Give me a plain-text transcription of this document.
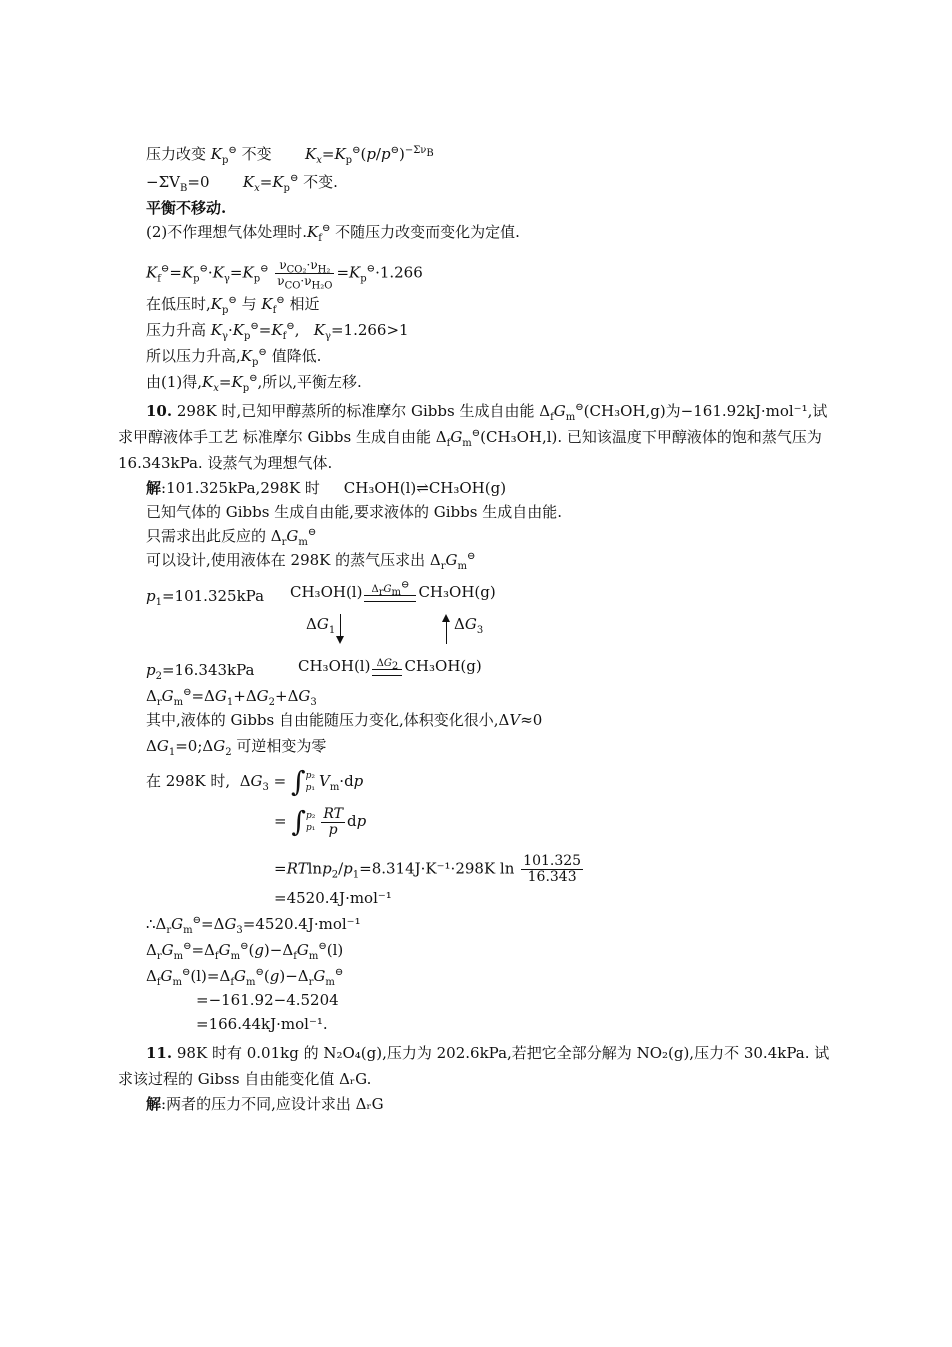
压力改变 $K_p^⊖$ 不变 $K_x=K_p^⊖(p/p^⊖)^{-\Sigma\nu_B}$
$-\Sigma V_B=0$       $K_x=K_p^⊖$ 不变.
平衡不移动.
(2)不作理想气体处理时$.K_f^⊖$ 不随压力改变而变化为定值.
$K_f^⊖=K_p^⊖\cdot K_\gamma=K_p^⊖ \frac{\nu_{CO_2}\cdot\nu_{H_2}}{\nu_{CO}\cdot\nu_{H_2O}} =K_p^⊖\cdot 1.266$
在低压时$,K_p^⊖$ 与 $K_f^⊖$ 相近
压力升高 $K_\gamma\cdot K_p^⊖=K_f^⊖$,   $K_\gamma=1.266>1$
所以压力升高$,K_p^⊖$ 值降低.
由(1)得$,K_x=K_p^⊖$,所以,平衡左移.
10. 298K 时,已知甲醇蒸所的标准摩尔 Gibbs 生成自由能 $\Delta_fG_m^⊖(CH_3OH,g)$为−161.92kJ·mol⁻¹,试求甲醇液体手工艺 标准摩尔 Gibbs 生成自由能 $\Delta_fG_m^⊖(CH_3OH,l)$. 已知该温度下甲醇液体的饱和蒸气压为 16.343kPa. 设蒸气为理想气体.
解:101.325kPa,298K 时 CH₃OH(l)⇌CH₃OH(g)
已知气体的 Gibbs 生成自由能,要求液体的 Gibbs 生成自由能.
只需求出此反应的 $\Delta_rG_m^⊖$
可以设计,使用液体在 298K 的蒸气压求出 $\Delta_rG_m^⊖$
$p_1=101.325kPa$ CH₃OH(l) $\Delta_rG_m^⊖$ CH₃OH(g)
$\Delta G_1$	$\Delta G_3$
$p_2=16.343kPa$	CH₃OH(l) $\Delta G_2$ CH₃OH(g)
$\Delta_rG_m^⊖=\Delta G_1+\Delta G_2+\Delta G_3$
其中,液体的 Gibbs 自由能随压力变化,体积变化很小,ΔV≈0
$\Delta G_1=0;\Delta G_2$ 可逆相变为零
在 298K 时,  $\Delta G_3$ = ∫ p₂
p₁ $V_m\cdot dp$
= ∫ p₂
$p_1 \frac{RT}{p}$ dp
$=RTlnp_2/p_1=8.314J\cdot K^{-1}\cdot 298K$ $\ln \frac{101.325}{16.343}$
=4520.4J·mol⁻¹
$\therefore\Delta_rG_m^⊖=\Delta G_3=4520.4J\cdot mol^{-1}$
$\Delta_rG_m^⊖=\Delta_fG_m^⊖(g)-\Delta_fG_m^⊖(l)$
$\Delta_fG_m^⊖(l)=\Delta_fG_m^⊖(g)-\Delta_rG_m^⊖$
=−161.92−4.5204
=166.44kJ·mol⁻¹.
11. 98K 时有 0.01kg 的 N₂O₄(g),压力为 202.6kPa,若把它全部分解为 NO₂(g),压力不 30.4kPa. 试求该过程的 Gibss 自由能变化值 ΔᵣG.
解:两者的压力不同,应设计求出 ΔᵣG
